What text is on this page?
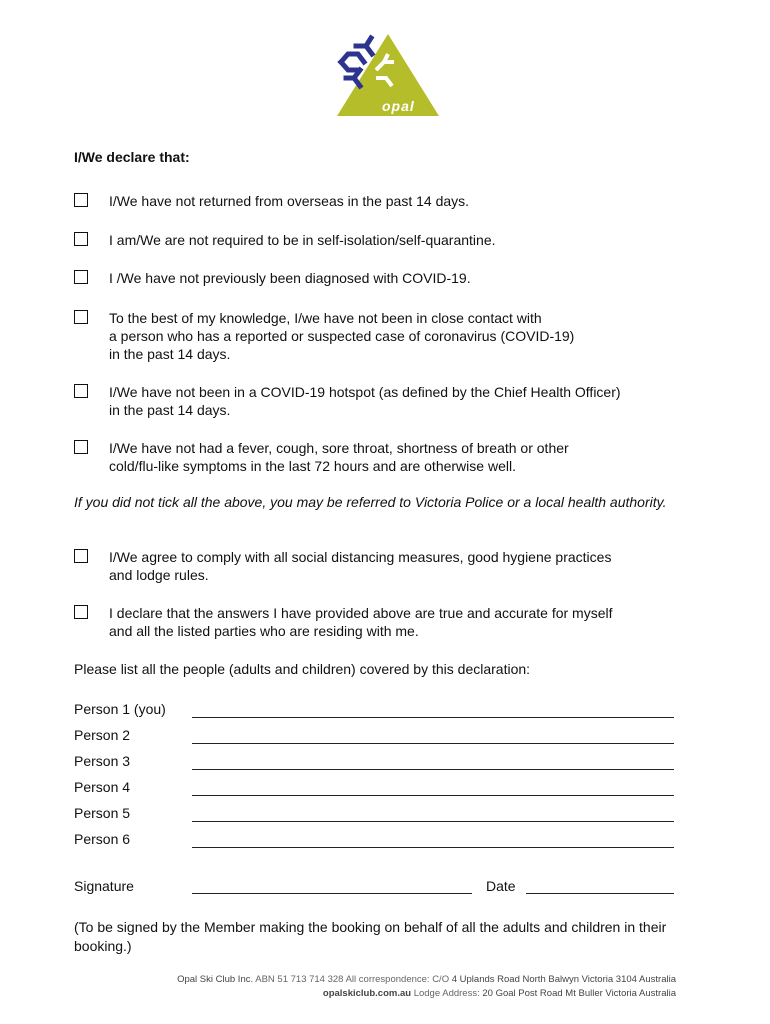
opal
I/We declare that:
I/We have not returned from overseas in the past 14 days.
I am/We are not required to be in self-isolation/self-quarantine.
I /We have not previously been diagnosed with COVID-19.
To the best of my knowledge, I/we have not been in close contact with
a person who has a reported or suspected case of coronavirus (COVID-19)
in the past 14 days.
I/We have not been in a COVID-19 hotspot (as defined by the Chief Health Officer)
in the past 14 days.
I/We have not had a fever, cough, sore throat, shortness of breath or other
cold/flu-like symptoms in the last 72 hours and are otherwise well.

If you did not tick all the above, you may be referred to Victoria Police or a local health authority.

I/We agree to comply with all social distancing measures, good hygiene practices
and lodge rules.
I declare that the answers I have provided above are true and accurate for myself
and all the listed parties who are residing with me.

Please list all the people (adults and children) covered by this declaration:

Person 1 (you)
Person 2
Person 3
Person 4
Person 5
Person 6
Signature	Date

(To be signed by the Member making the booking on behalf of all the adults and children in their booking.)

Opal Ski Club Inc. ABN 51 713 714 328 All correspondence: C/O 4 Uplands Road North Balwyn Victoria 3104 Australia
opalskiclub.com.au Lodge Address: 20 Goal Post Road Mt Buller Victoria Australia
